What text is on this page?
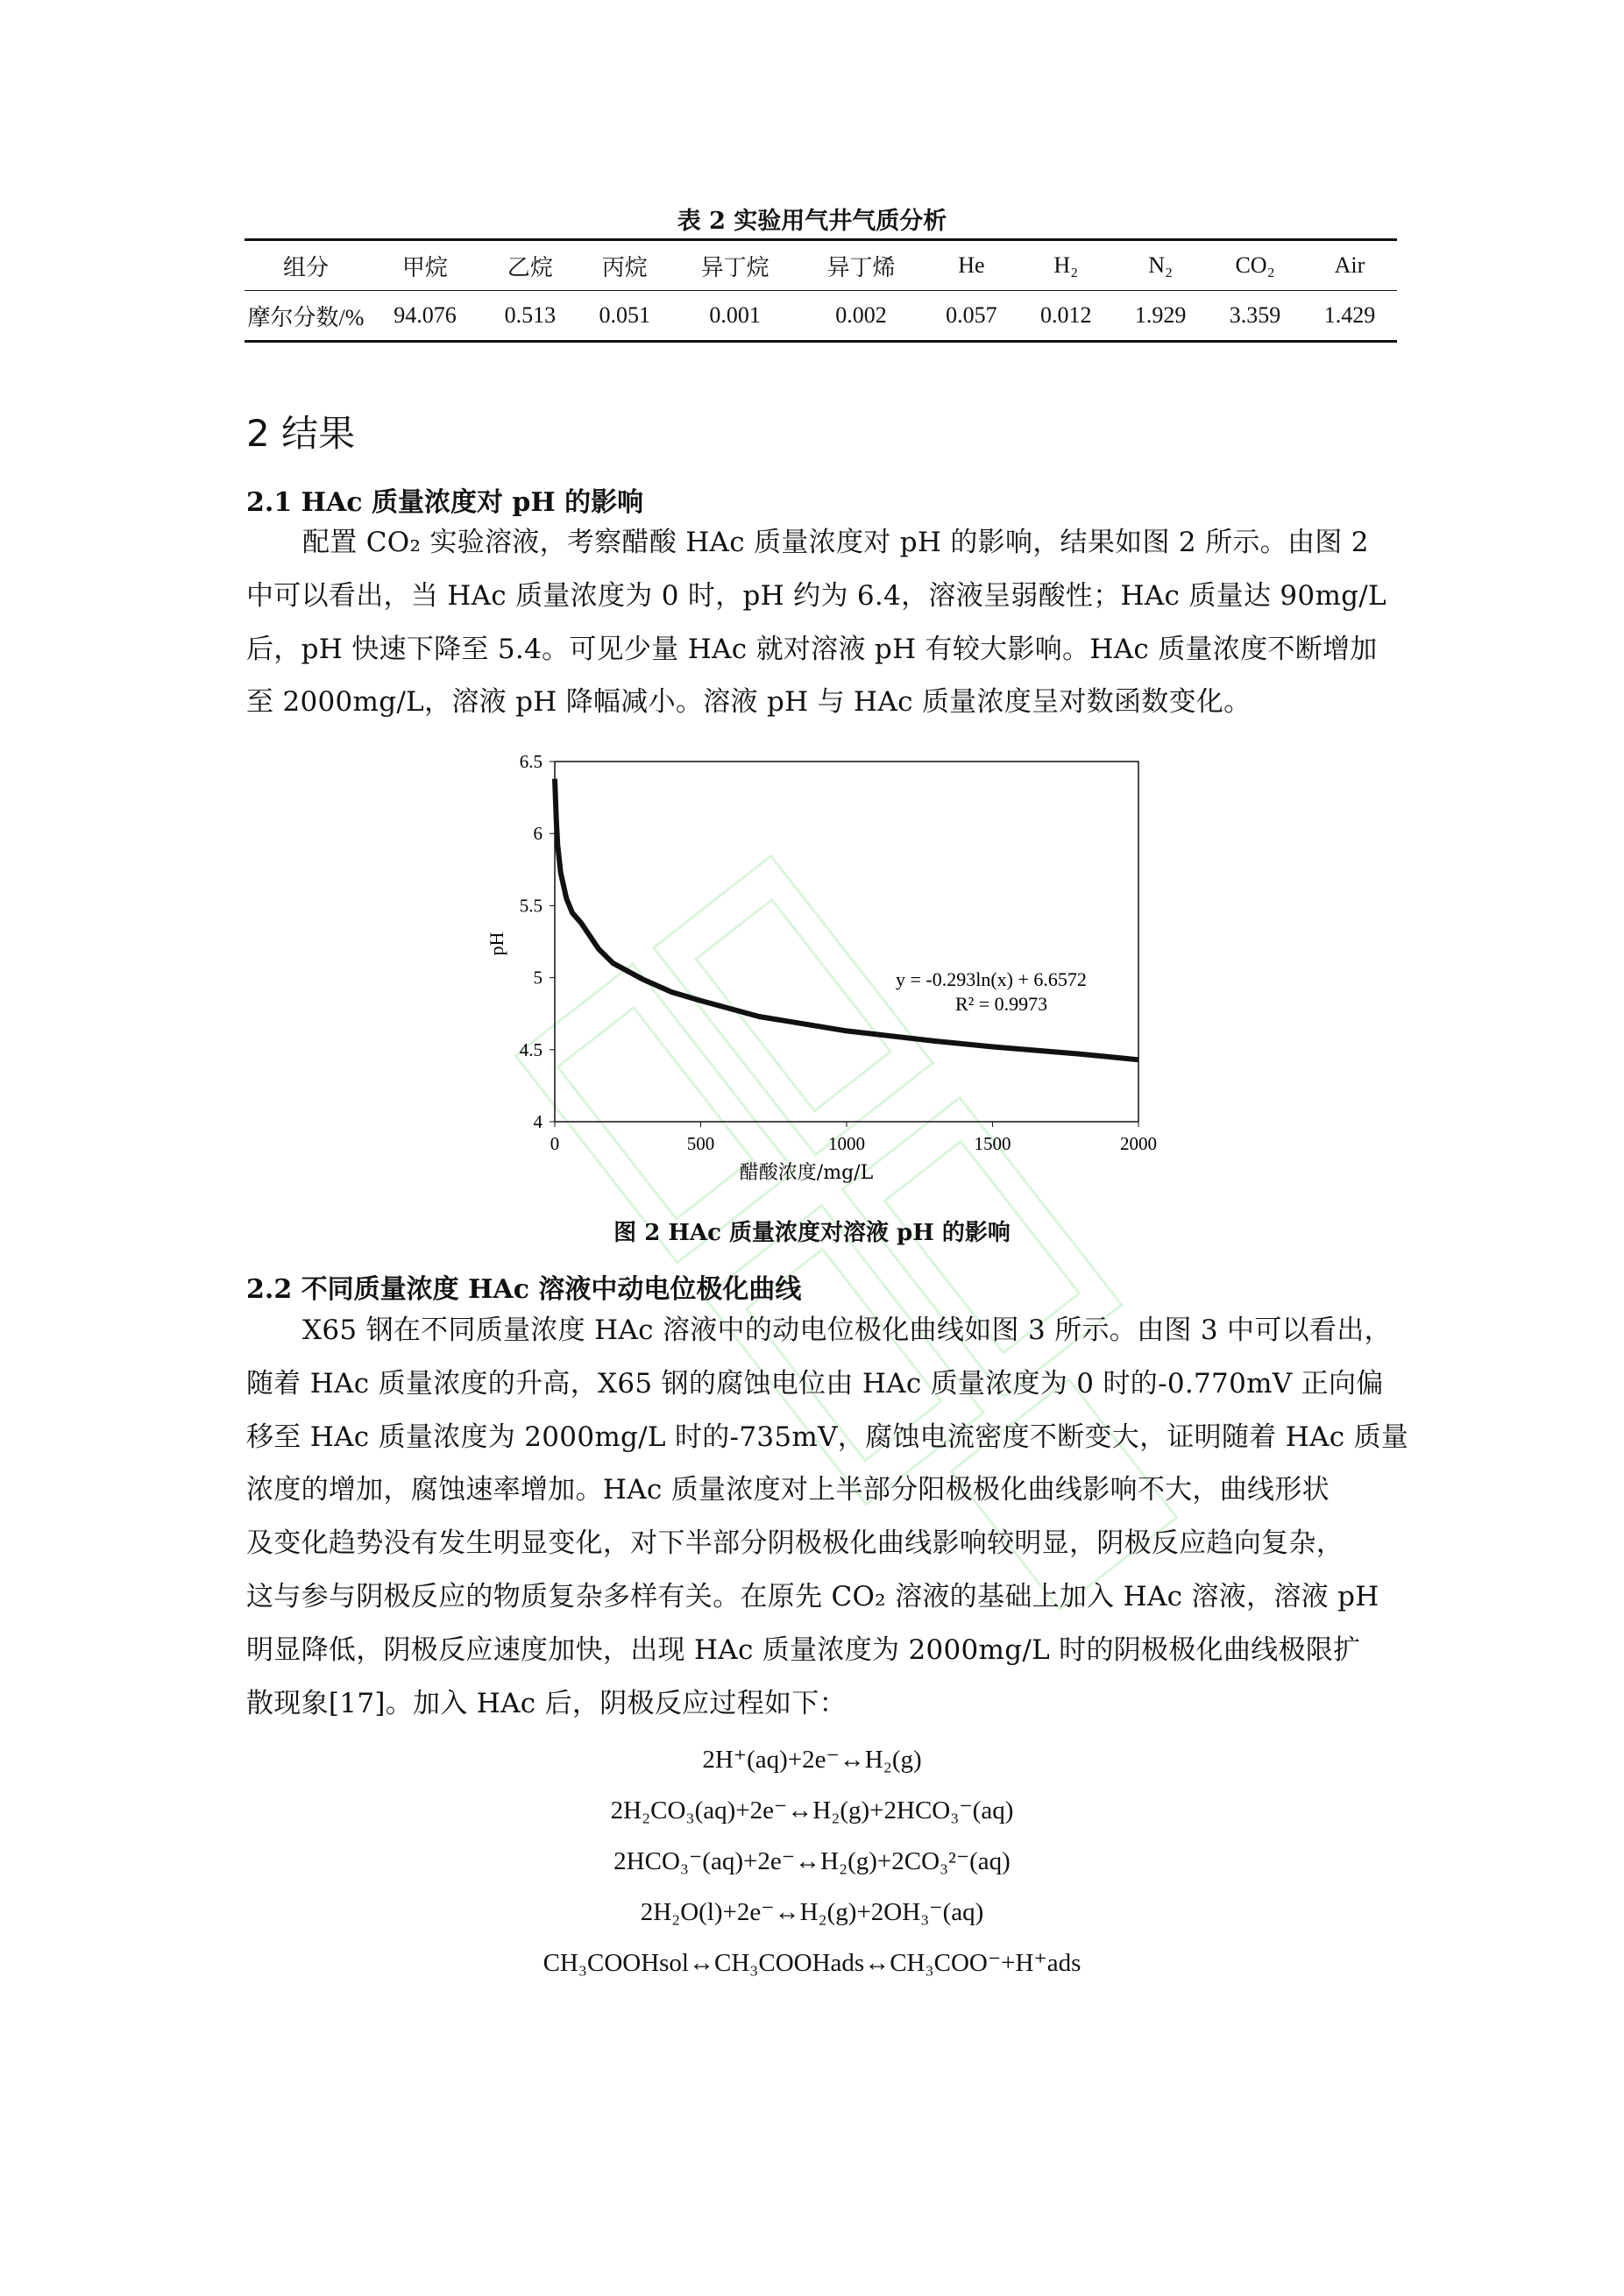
表 2 实验用气井气质分析
组分	甲烷	乙烷	丙烷	异丁烷	异丁烯	He	H₂	N₂	CO₂	Air
摩尔分数/%	94.076	0.513	0.051	0.001	0.002	0.057	0.012	1.929	3.359	1.429
2 结果
2.1 HAc 质量浓度对 pH 的影响
配置 CO₂ 实验溶液，考察醋酸 HAc 质量浓度对 pH 的影响，结果如图 2 所示。由图 2
中可以看出，当 HAc 质量浓度为 0 时，pH 约为 6.4，溶液呈弱酸性；HAc 质量达 90mg/L
后，pH 快速下降至 5.4。可见少量 HAc 就对溶液 pH 有较大影响。HAc 质量浓度不断增加
至 2000mg/L，溶液 pH 降幅减小。溶液 pH 与 HAc 质量浓度呈对数函数变化。
4
4.5
5
5.5
6
6.5
0	500	1000	1500	2000
pH
醋酸浓度/mg/L
y = -0.293ln(x) + 6.6572
R² = 0.9973
图 2 HAc 质量浓度对溶液 pH 的影响
2.2 不同质量浓度 HAc 溶液中动电位极化曲线
X65 钢在不同质量浓度 HAc 溶液中的动电位极化曲线如图 3 所示。由图 3 中可以看出，
随着 HAc 质量浓度的升高，X65 钢的腐蚀电位由 HAc 质量浓度为 0 时的-0.770mV 正向偏
移至 HAc 质量浓度为 2000mg/L 时的-735mV，腐蚀电流密度不断变大，证明随着 HAc 质量
浓度的增加，腐蚀速率增加。HAc 质量浓度对上半部分阳极极化曲线影响不大，曲线形状
及变化趋势没有发生明显变化，对下半部分阴极极化曲线影响较明显，阴极反应趋向复杂，
这与参与阴极反应的物质复杂多样有关。在原先 CO₂ 溶液的基础上加入 HAc 溶液，溶液 pH
明显降低，阴极反应速度加快，出现 HAc 质量浓度为 2000mg/L 时的阴极极化曲线极限扩
散现象[17]。加入 HAc 后，阴极反应过程如下：
2H⁺(aq)+2e⁻↔H₂(g)
2H₂CO₃(aq)+2e⁻↔H₂(g)+2HCO₃⁻(aq)
2HCO₃⁻(aq)+2e⁻↔H₂(g)+2CO₃²⁻(aq)
2H₂O(l)+2e⁻↔H₂(g)+2OH₃⁻(aq)
CH₃COOHsol↔CH₃COOHads↔CH₃COO⁻+H⁺ads
